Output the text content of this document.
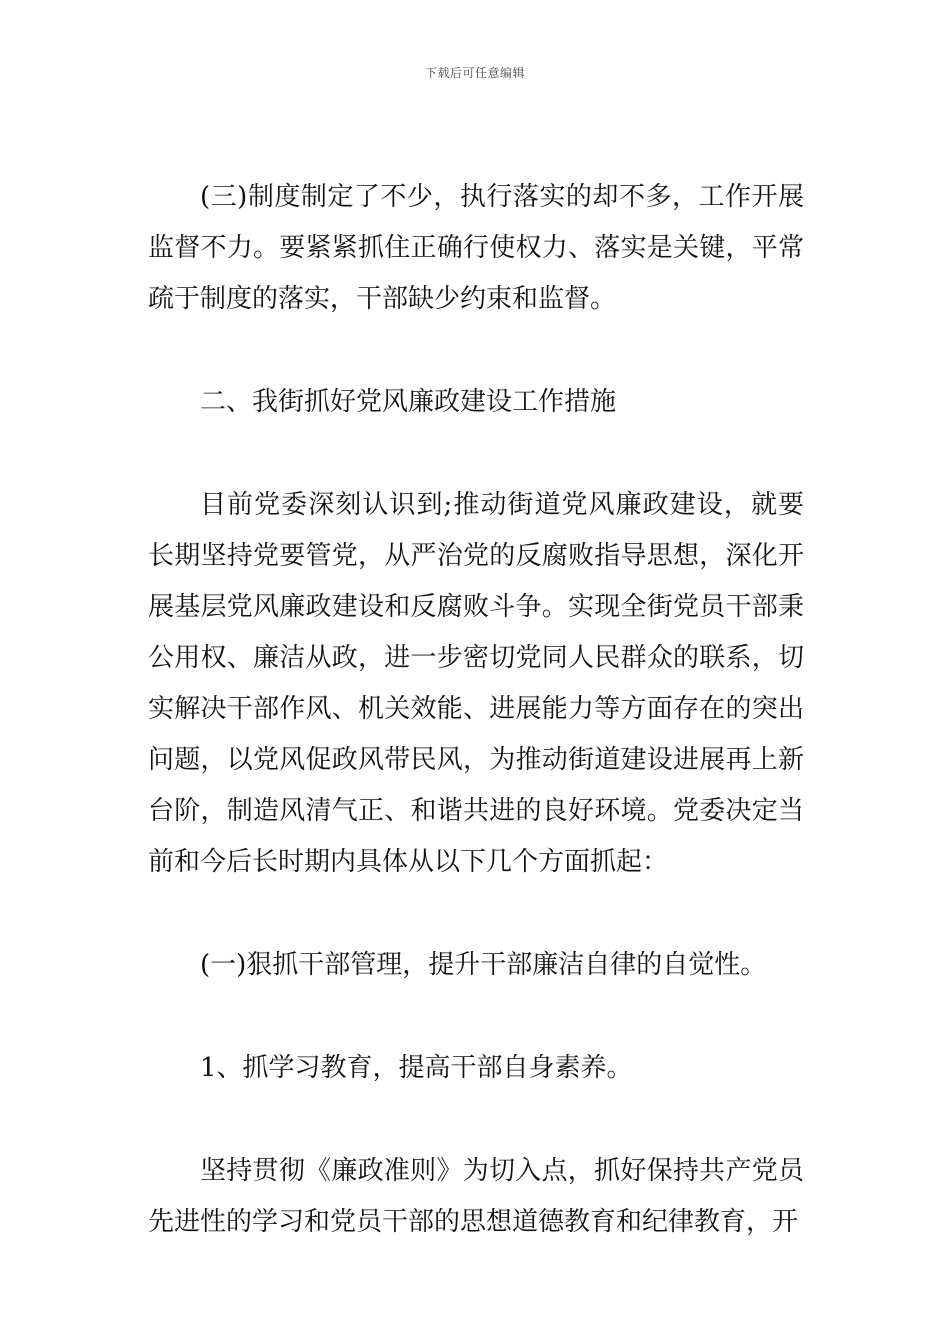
下载后可任意编辑

(三)制度制定了不少，执行落实的却不多，工作开展监督不力。要紧紧抓住正确行使权力、落实是关键，平常疏于制度的落实，干部缺少约束和监督。

二、我街抓好党风廉政建设工作措施

目前党委深刻认识到;推动街道党风廉政建设，就要长期坚持党要管党，从严治党的反腐败指导思想，深化开展基层党风廉政建设和反腐败斗争。实现全街党员干部秉公用权、廉洁从政，进一步密切党同人民群众的联系，切实解决干部作风、机关效能、进展能力等方面存在的突出问题，以党风促政风带民风，为推动街道建设进展再上新台阶，制造风清气正、和谐共进的良好环境。党委决定当前和今后长时期内具体从以下几个方面抓起：

(一)狠抓干部管理，提升干部廉洁自律的自觉性。

1、抓学习教育，提高干部自身素养。

坚持贯彻《廉政准则》为切入点，抓好保持共产党员先进性的学习和党员干部的思想道德教育和纪律教育，开
